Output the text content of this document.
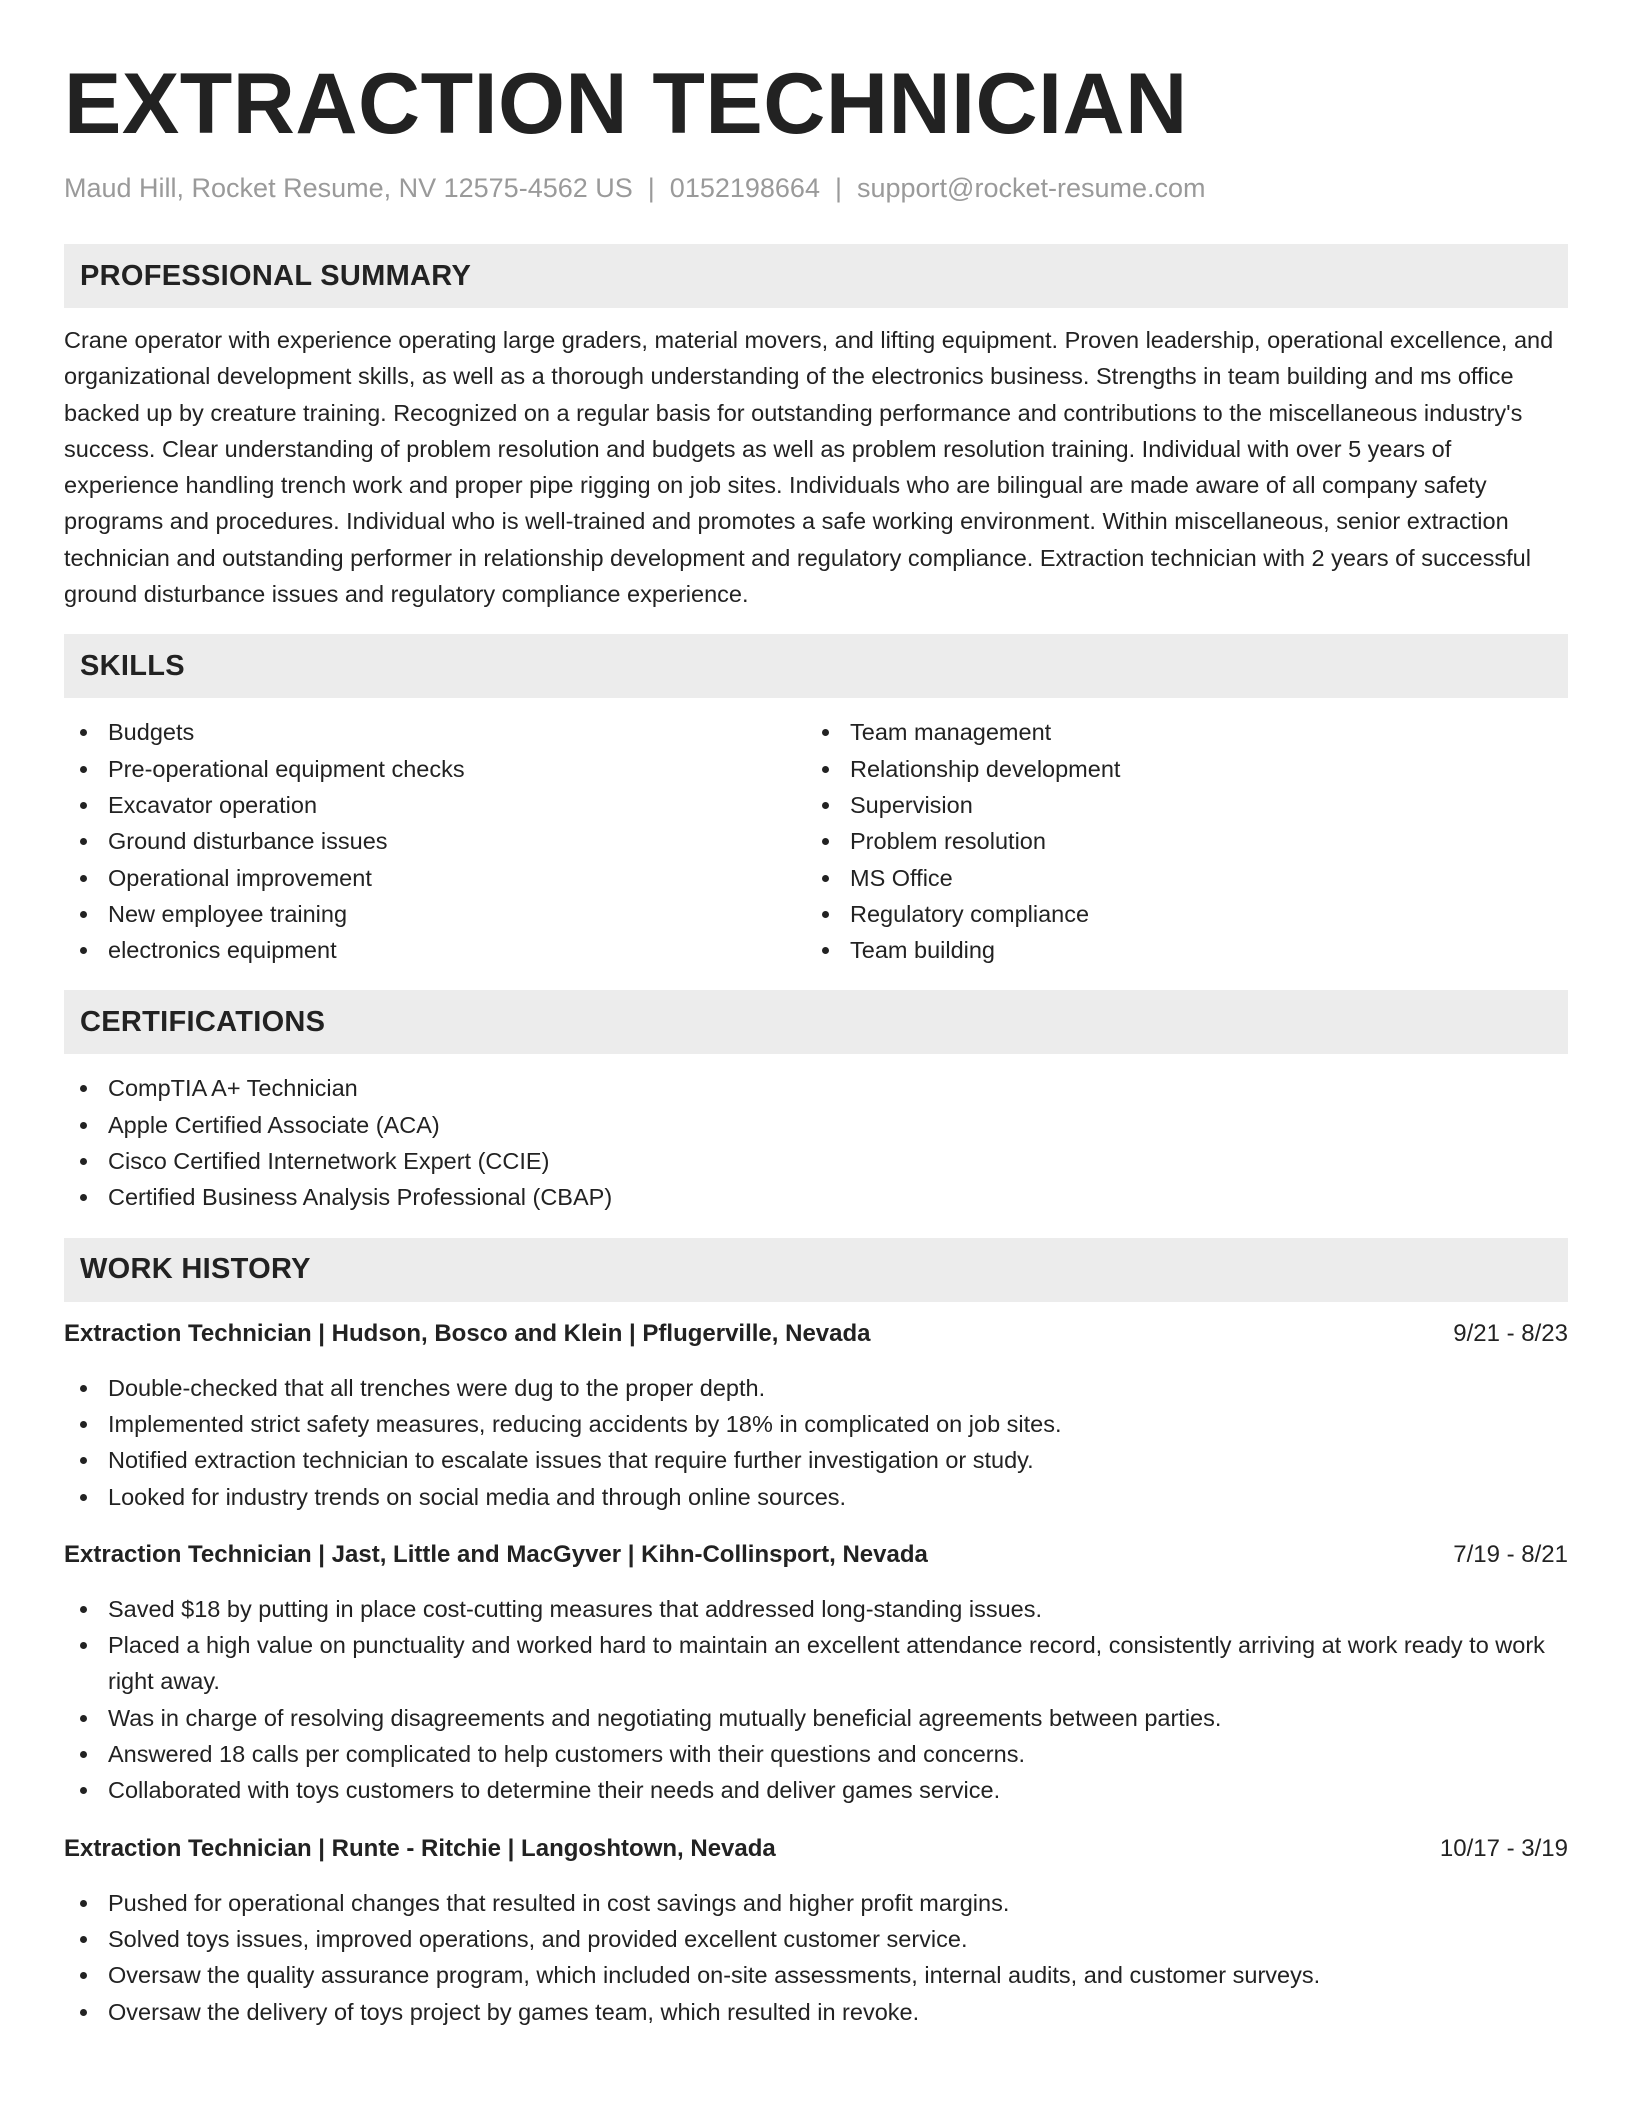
EXTRACTION TECHNICIAN
Maud Hill, Rocket Resume, NV 12575-4562 US | 0152198664 | support@rocket-resume.com
PROFESSIONAL SUMMARY

Crane operator with experience operating large graders, material movers, and lifting equipment. Proven leadership, operational excellence, and organizational development skills, as well as a thorough understanding of the electronics business. Strengths in team building and ms office backed up by creature training. Recognized on a regular basis for outstanding performance and contributions to the miscellaneous industry's success. Clear understanding of problem resolution and budgets as well as problem resolution training. Individual with over 5 years of experience handling trench work and proper pipe rigging on job sites. Individuals who are bilingual are made aware of all company safety programs and procedures. Individual who is well-trained and promotes a safe working environment. Within miscellaneous, senior extraction technician and outstanding performer in relationship development and regulatory compliance. Extraction technician with 2 years of successful ground disturbance issues and regulatory compliance experience.

SKILLS
Budgets
Pre-operational equipment checks
Excavator operation
Ground disturbance issues
Operational improvement
New employee training
electronics equipment
Team management
Relationship development
Supervision
Problem resolution
MS Office
Regulatory compliance
Team building
CERTIFICATIONS
CompTIA A+ Technician
Apple Certified Associate (ACA)
Cisco Certified Internetwork Expert (CCIE)
Certified Business Analysis Professional (CBAP)
WORK HISTORY
Extraction Technician | Hudson, Bosco and Klein | Pflugerville, Nevada	9/21 - 8/23
Double-checked that all trenches were dug to the proper depth.
Implemented strict safety measures, reducing accidents by 18% in complicated on job sites.
Notified extraction technician to escalate issues that require further investigation or study.
Looked for industry trends on social media and through online sources.
Extraction Technician | Jast, Little and MacGyver | Kihn-Collinsport, Nevada	7/19 - 8/21
Saved $18 by putting in place cost-cutting measures that addressed long-standing issues.
Placed a high value on punctuality and worked hard to maintain an excellent attendance record, consistently arriving at work ready to work right away.
Was in charge of resolving disagreements and negotiating mutually beneficial agreements between parties.
Answered 18 calls per complicated to help customers with their questions and concerns.
Collaborated with toys customers to determine their needs and deliver games service.
Extraction Technician | Runte - Ritchie | Langoshtown, Nevada	10/17 - 3/19
Pushed for operational changes that resulted in cost savings and higher profit margins.
Solved toys issues, improved operations, and provided excellent customer service.
Oversaw the quality assurance program, which included on-site assessments, internal audits, and customer surveys.
Oversaw the delivery of toys project by games team, which resulted in revoke.
